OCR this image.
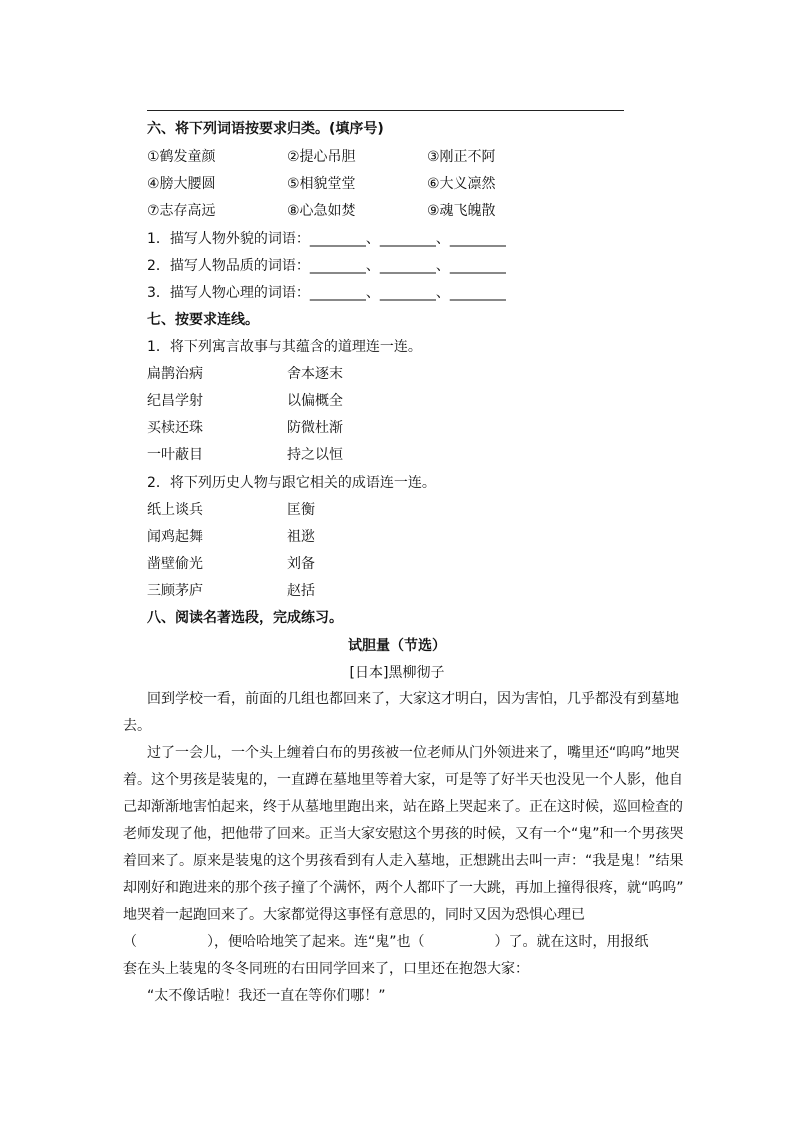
六、将下列词语按要求归类。(填序号)
①鹤发童颜	②提心吊胆	③刚正不阿
④膀大腰圆	⑤相貌堂堂	⑥大义凛然
⑦志存高远	⑧心急如焚	⑨魂飞魄散
1．描写人物外貌的词语：________、________、________
2．描写人物品质的词语：________、________、________
3．描写人物心理的词语：________、________、________
七、按要求连线。
1．将下列寓言故事与其蕴含的道理连一连。
扁鹊治病	舍本逐末
纪昌学射	以偏概全
买椟还珠	防微杜渐
一叶蔽目	持之以恒
2．将下列历史人物与跟它相关的成语连一连。
纸上谈兵	匡衡
闻鸡起舞	祖逖
凿壁偷光	刘备
三顾茅庐	赵括
八、阅读名著选段，完成练习。
试胆量（节选）
[日本]黑柳彻子
回到学校一看，前面的几组也都回来了，大家这才明白，因为害怕，几乎都没有到墓地
去。
过了一会儿，一个头上缠着白布的男孩被一位老师从门外领进来了，嘴里还“呜呜”地哭
着。这个男孩是装鬼的，一直蹲在墓地里等着大家，可是等了好半天也没见一个人影，他自
己却渐渐地害怕起来，终于从墓地里跑出来，站在路上哭起来了。正在这时候，巡回检查的
老师发现了他，把他带了回来。正当大家安慰这个男孩的时候，又有一个“鬼”和一个男孩哭
着回来了。原来是装鬼的这个男孩看到有人走入墓地，正想跳出去叫一声：“我是鬼！”结果
却刚好和跑进来的那个孩子撞了个满怀，两个人都吓了一大跳，再加上撞得很疼，就“呜呜”
地哭着一起跑回来了。大家都觉得这事怪有意思的，同时又因为恐惧心理已
（　　　　　），便哈哈地笑了起来。连“鬼”也（　　　　　）了。就在这时，用报纸
套在头上装鬼的冬冬同班的右田同学回来了，口里还在抱怨大家：
“太不像话啦！我还一直在等你们哪！”
